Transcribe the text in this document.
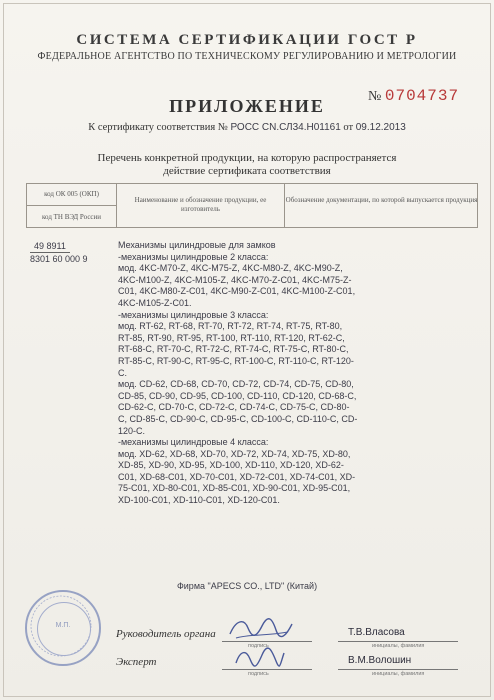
СИСТЕМА СЕРТИФИКАЦИИ ГОСТ Р
ФЕДЕРАЛЬНОЕ АГЕНТСТВО ПО ТЕХНИЧЕСКОМУ РЕГУЛИРОВАНИЮ И МЕТРОЛОГИИ
№ 0704737
ПРИЛОЖЕНИЕ
К сертификату соответствия № РОСС CN.СЛ34.Н01161 от 09.12.2013
Перечень конкретной продукции, на которую распространяется
действие сертификата соответствия
код ОК 005 (ОКП)
код ТН ВЭД России
Наименование и обозначение продукции, ее изготовитель
Обозначение документации, по которой выпускается продукция
49 8911
8301 60 000 9
Механизмы цилиндровые для замков
-механизмы цилиндровые 2 класса:
мод. 4KC-M70-Z, 4KC-M75-Z, 4KC-M80-Z, 4KC-M90-Z, 4KC-M100-Z, 4KC-M105-Z, 4KC-M70-Z-C01, 4KC-M75-Z-C01, 4KC-M80-Z-C01, 4KC-M90-Z-C01, 4KC-M100-Z-C01, 4KC-M105-Z-C01.
-механизмы цилиндровые 3 класса:
мод. RT-62, RT-68, RT-70, RT-72, RT-74, RT-75, RT-80, RT-85, RT-90, RT-95, RT-100, RT-110, RT-120, RT-62-C, RT-68-C, RT-70-C, RT-72-C, RT-74-C, RT-75-C, RT-80-C, RT-85-C, RT-90-C, RT-95-C, RT-100-C, RT-110-C, RT-120-C.
мод. CD-62, CD-68, CD-70, CD-72, CD-74, CD-75, CD-80, CD-85, CD-90, CD-95, CD-100, CD-110, CD-120, CD-68-C, CD-62-C, CD-70-C, CD-72-C, CD-74-C, CD-75-C, CD-80-C, CD-85-C, CD-90-C, CD-95-C, CD-100-C, CD-110-C, CD-120-C.
-механизмы цилиндровые 4 класса:
мод. XD-62, XD-68, XD-70, XD-72, XD-74, XD-75, XD-80, XD-85, XD-90, XD-95, XD-100, XD-110, XD-120, XD-62-C01, XD-68-C01, XD-70-C01, XD-72-C01, XD-74-C01, XD-75-C01, XD-80-C01, XD-85-C01, XD-90-C01, XD-95-C01, XD-100-C01, XD-110-C01, XD-120-C01.
Фирма "APECS CO., LTD" (Китай)
М.П.
Руководитель органа
подпись
Т.В.Власова
инициалы, фамилия
Эксперт
подпись
В.М.Волошин
инициалы, фамилия
